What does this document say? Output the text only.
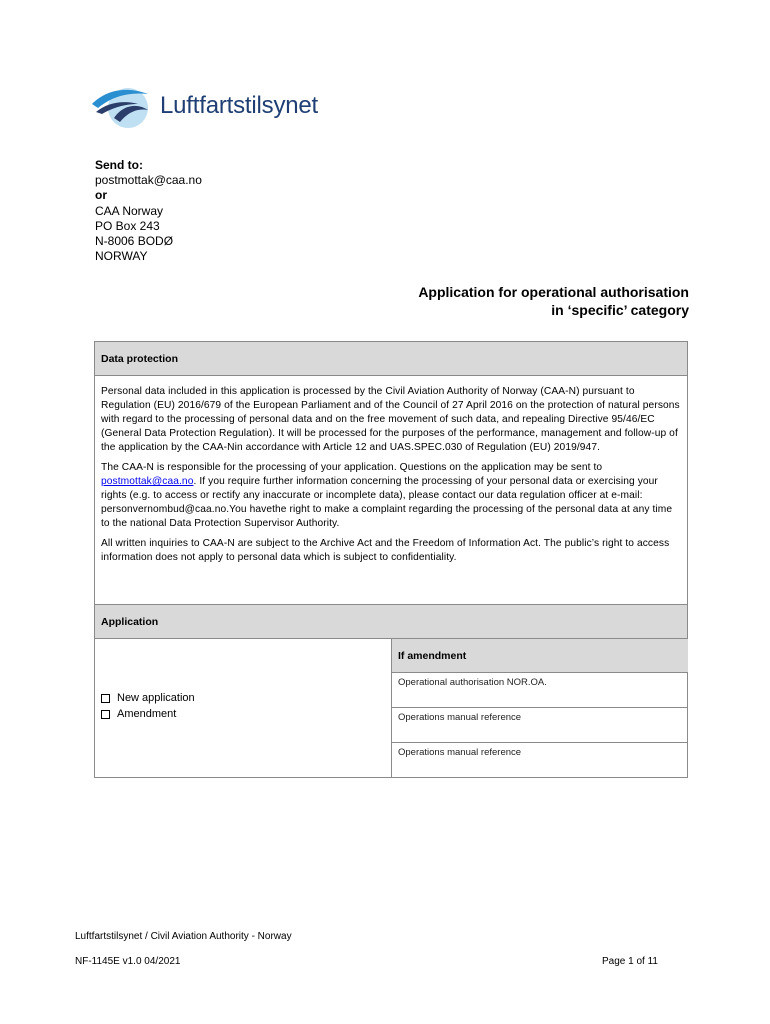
Luftfartstilsynet
Send to:
postmottak@caa.no
or
CAA Norway
PO Box 243
N-8006 BODØ
NORWAY
Application for operational authorisation
in ‘specific’ category
Data protection

Personal data included in this application is processed by the Civil Aviation Authority of Norway (CAA-N) pursuant to Regulation (EU) 2016/679 of the European Parliament and of the Council of 27 April 2016 on the protection of natural persons with regard to the processing of personal data and on the free movement of such data, and repealing Directive 95/46/EC (General Data Protection Regulation). It will be processed for the purposes of the performance, management and follow-up of the application by the CAA-Nin accordance with Article 12 and UAS.SPEC.030 of Regulation (EU) 2019/947.

The CAA-N is responsible for the processing of your application. Questions on the application may be sent to postmottak@caa.no. If you require further information concerning the processing of your personal data or exercising your rights (e.g. to access or rectify any inaccurate or incomplete data), please contact our data regulation officer at e-mail: personvernombud@caa.no.You havethe right to make a complaint regarding the processing of the personal data at any time to the national Data Protection Supervisor Authority.

All written inquiries to CAA-N are subject to the Archive Act and the Freedom of Information Act. The public’s right to access information does not apply to personal data which is subject to confidentiality.

Application
New application
Amendment
If amendment
Operational authorisation NOR.OA.
Operations manual reference
Operations manual reference
Luftfartstilsynet / Civil Aviation Authority - Norway
NF-1145E v1.0 04/2021	Page 1 of 11
